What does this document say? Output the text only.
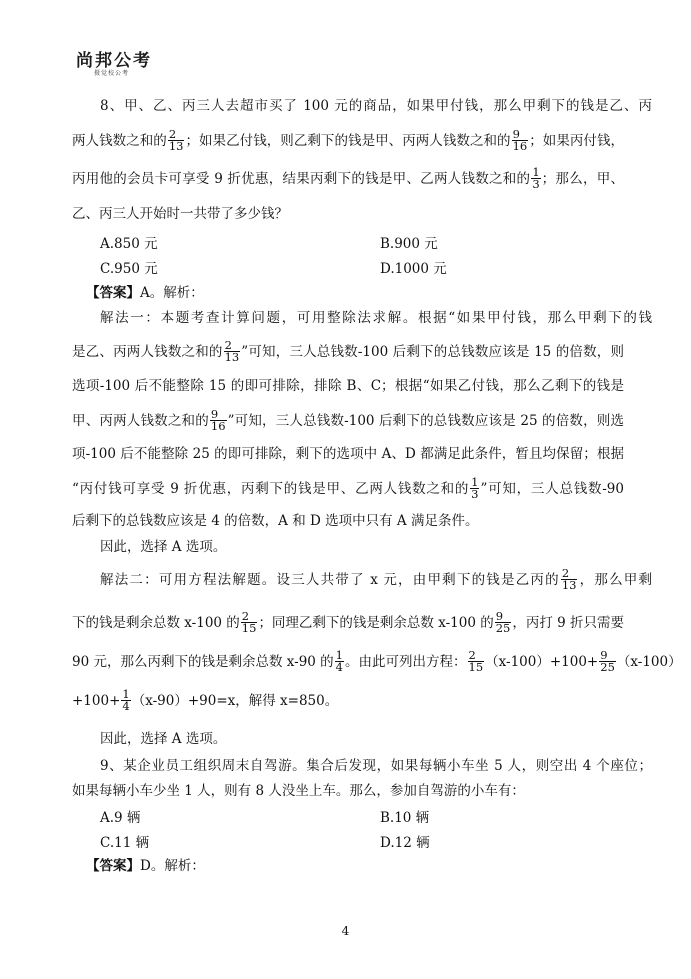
尚邦公考
摄觉校公考
8、甲、乙、丙三人去超市买了 100 元的商品，如果甲付钱，那么甲剩下的钱是乙、丙
两人钱数之和的 $\frac{2}{13}$ ；如果乙付钱，则乙剩下的钱是甲、丙两人钱数之和的 $\frac{9}{16}$ ；如果丙付钱，
丙用他的会员卡可享受 9 折优惠，结果丙剩下的钱是甲、乙两人钱数之和的 $\frac{1}{3}$ ；那么，甲、
乙、丙三人开始时一共带了多少钱？
A.850 元	B.900 元
C.950 元	D.1000 元
【答案】A。解析：
解法一：本题考查计算问题，可用整除法求解。根据“如果甲付钱，那么甲剩下的钱
是乙、丙两人钱数之和的 $\frac{2}{13}$ ”可知，三人总钱数-100 后剩下的总钱数应该是 15 的倍数，则
选项-100 后不能整除 15 的即可排除，排除 B、C；根据“如果乙付钱，那么乙剩下的钱是
甲、丙两人钱数之和的 $\frac{9}{16}$ ”可知，三人总钱数-100 后剩下的总钱数应该是 25 的倍数，则选
项-100 后不能整除 25 的即可排除，剩下的选项中 A、D 都满足此条件，暂且均保留；根据
“丙付钱可享受 9 折优惠，丙剩下的钱是甲、乙两人钱数之和的 $\frac{1}{3}$ ”可知，三人总钱数-90
后剩下的总钱数应该是 4 的倍数，A 和 D 选项中只有 A 满足条件。
因此，选择 A 选项。
解法二：可用方程法解题。设三人共带了 x 元，由甲剩下的钱是乙丙的 $\frac{2}{13}$ ，那么甲剩
下的钱是剩余总数 x-100 的 $\frac{2}{15}$ ；同理乙剩下的钱是剩余总数 x-100 的 $\frac{9}{25}$ ，丙打 9 折只需要
90 元，那么丙剩下的钱是剩余总数 x-90 的 $\frac{1}{4}$ 。由此可列出方程： $\frac{2}{15} (x-100)+100+ \frac{9}{25} (x-100)$
$+100+ \frac{1}{4} (x-90)+90=x$，解得 x=850。
因此，选择 A 选项。
9、某企业员工组织周末自驾游。集合后发现，如果每辆小车坐 5 人，则空出 4 个座位；
如果每辆小车少坐 1 人，则有 8 人没坐上车。那么，参加自驾游的小车有：
A.9 辆	B.10 辆
C.11 辆	D.12 辆
【答案】D。解析：
4
